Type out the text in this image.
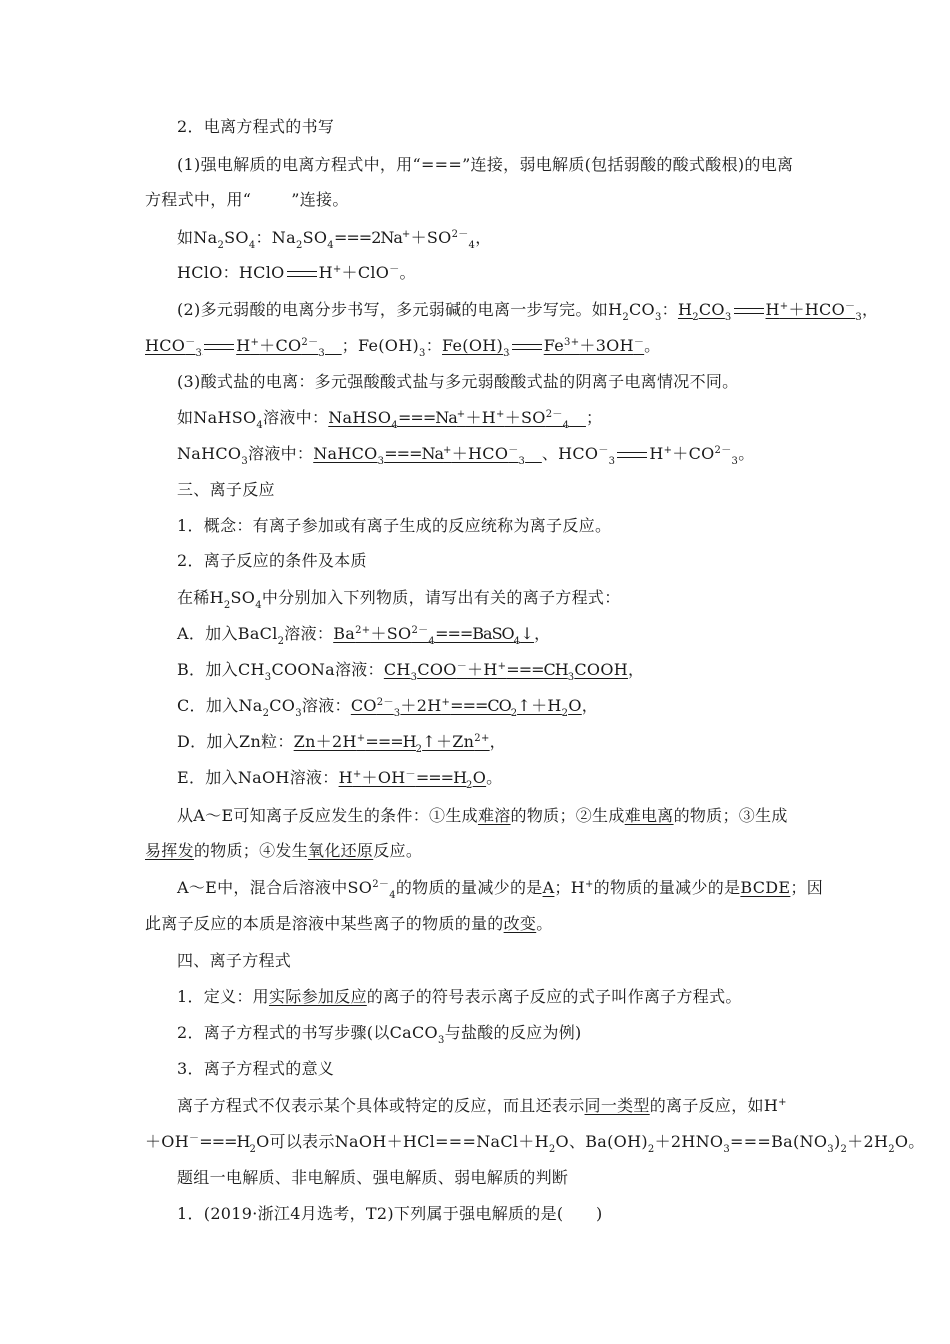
2．电离方程式的书写
(1)强电解质的电离方程式中，用“===”连接，弱电解质(包括弱酸的酸式酸根)的电离
方程式中，用“	”连接。
如$Na_2SO_4$：$Na_2SO_4===2Na^++SO^{2-}_4$，
HClO：HClO H+＋ClO－。
(2)多元弱酸的电离分步书写，多元弱碱的电离一步写完。如$H_2CO_3$：$H_2CO_3$ $H^++HCO^-_3$，
$HCO^-_3$ $H^++CO^{2-}_3\_\_$；$Fe(OH)_3$：$Fe(OH)_3$ $Fe^{3+}+3OH^-$。
(3)酸式盐的电离：多元强酸酸式盐与多元弱酸酸式盐的阴离子电离情况不同。
如NaHSO$_4$溶液中：$NaHSO_4===Na^++H^++SO^{2-}_4\_\_$；
NaHCO$_3$溶液中：$NaHCO_3===Na^++HCO^-_3\_\_$、$HCO^-_3$ $H^++CO^{2-}_3$。
三、离子反应
1．概念：有离子参加或有离子生成的反应统称为离子反应。
2．离子反应的条件及本质
在稀$H_2SO_4$中分别加入下列物质，请写出有关的离子方程式：
A．加入BaCl$_2$溶液：$Ba^{2+}+SO^{2-}_4===BaSO_4↓$，
B．加入$CH_3COONa$溶液：$CH_3COO^-+H^+===CH_3COOH$，
C．加入$Na_2CO_3$溶液：$CO^{2-}_3+2H^+===CO_2↑+H_2O$，
D．加入Zn粒：$Zn+2H^+===H_2↑+Zn^{2+}$，
E．加入NaOH溶液：$H^++OH^-===H_2O$。
从A～E可知离子反应发生的条件：①生成难溶的物质；②生成难电离的物质；③生成
易挥发的物质；④发生氧化还原反应。
A～E中，混合后溶液中$SO^{2-}_4$的物质的量减少的是A；H+的物质的量减少的是BCDE；因
此离子反应的本质是溶液中某些离子的物质的量的改变。
四、离子方程式
1．定义：用实际参加反应的离子的符号表示离子反应的式子叫作离子方程式。
2．离子方程式的书写步骤(以CaCO$_3$与盐酸的反应为例)
3．离子方程式的意义
离子方程式不仅表示某个具体或特定的反应，而且还表示同一类型的离子反应，如H+
$+OH^-===H_2O$可以表示$NaOH+HCl===NaCl+H_2O$、$Ba(OH)_2+2HNO_3===Ba(NO_3)_2+2H_2O$。
题组一电解质、非电解质、强电解质、弱电解质的判断
1．(2019·浙江4月选考，T2)下列属于强电解质的是(　　)
